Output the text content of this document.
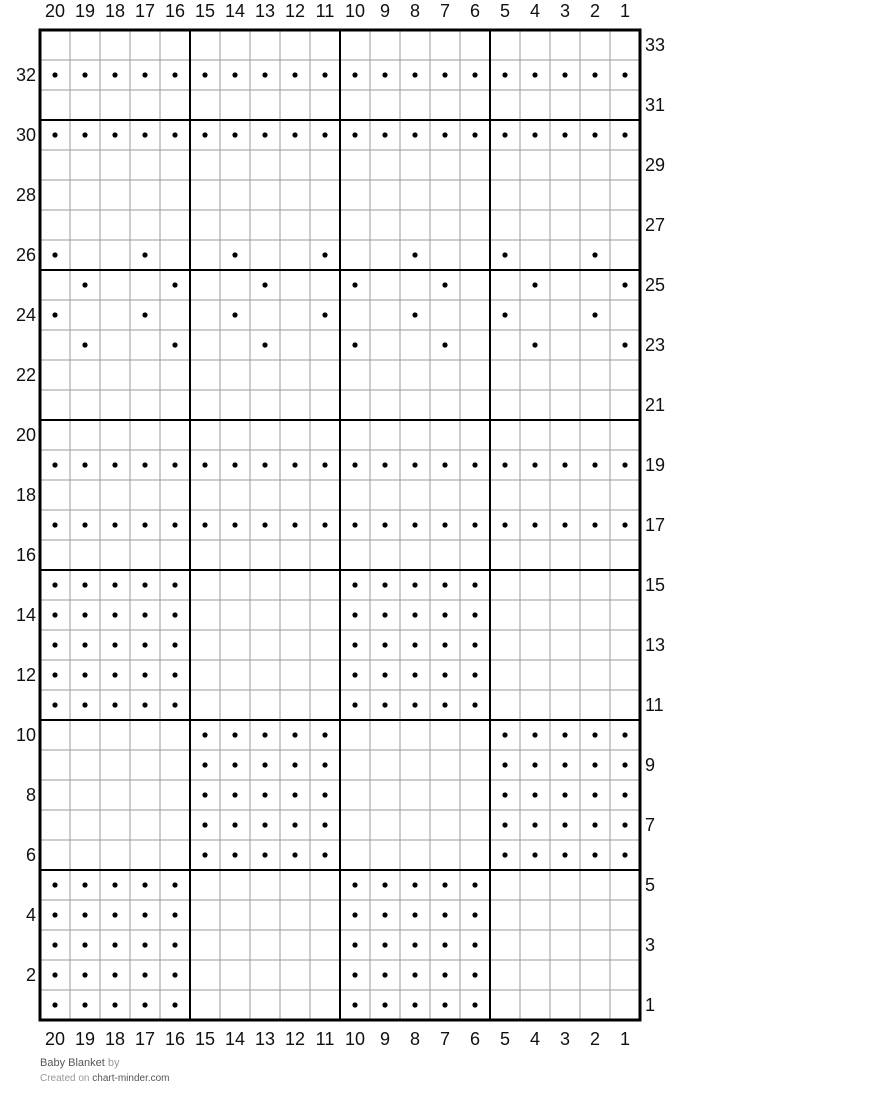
20 19 18 17 16 15 14 13 12 11 10 9 8 7 6 5 4 3 2 1
20 19 18 17 16 15 14 13 12 11 10 9 8 7 6 5 4 3 2 1
2
4
6
8
10
12
14
16
18
20
22
24
26
28
30
32
1
3
5
7
9
11
13
15
17
19
21
23
25
27
29
31
33
Baby Blanket by
Created on chart-minder.com
